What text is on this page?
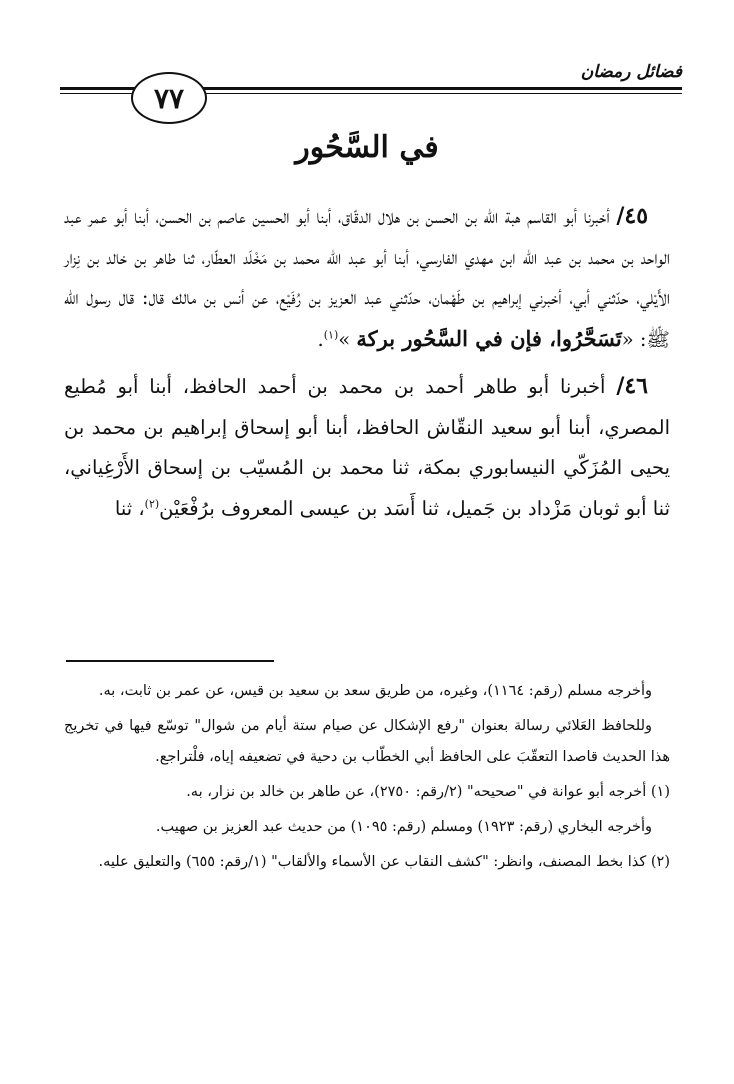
فضائل رمضان
٧٧
في السَّحُور

٤٥/ أخبرنا أبو القاسم هبة الله بن الحسن بن هلال الدقّاق، أبنا أبو الحسين عاصم بن الحسن، أبنا أبو عمر عبد الواحد بن محمد بن عبد الله ابن مهدي الفارسي، أبنا أبو عبد الله محمد بن مَخْلَد العطّار، ثنا طاهر بن خالد بن نِزار الأَيْلي، حدّثني أبي، أخبرني إبراهيم بن طَهْمان، حدّثني عبد العزيز بن رُفَيْع، عن أنس بن مالك قال: قال رسول الله ﷺ: «تَسَحَّرُوا، فإن في السَّحُور بركة »$^{(١)}$.

٤٦/ أخبرنا أبو طاهر أحمد بن محمد بن أحمد الحافظ، أبنا أبو مُطيع المصري، أبنا أبو سعيد النقّاش الحافظ، أبنا أبو إسحاق إبراهيم بن محمد بن يحيى المُزَكّي النيسابوري بمكة، ثنا محمد بن المُسيّب بن إسحاق الأَرْغِياني، ثنا أبو ثوبان مَزْداد بن جَميل، ثنا أَسَد بن عيسى المعروف برُفْعَيْن$^{(٢)}$، ثنا

وأخرجه مسلم (رقم: ١١٦٤)، وغيره، من طريق سعد بن سعيد بن قيس، عن عمر بن ثابت، به.

وللحافظ العَلائي رسالة بعنوان "رفع الإشكال عن صيام ستة أيام من شوال" توسّع فيها في تخريج هذا الحديث قاصدا التعقّبَ على الحافظ أبي الخطّاب بن دحية في تضعيفه إياه، فلْتراجع.

(١) أخرجه أبو عوانة في "صحيحه" (٢/رقم: ٢٧٥٠)، عن طاهر بن خالد بن نزار، به.

وأخرجه البخاري (رقم: ١٩٢٣) ومسلم (رقم: ١٠٩٥) من حديث عبد العزيز بن صهيب.

(٢) كذا بخط المصنف، وانظر: "كشف النقاب عن الأسماء والألقاب" (١/رقم: ٦٥٥) والتعليق عليه.
